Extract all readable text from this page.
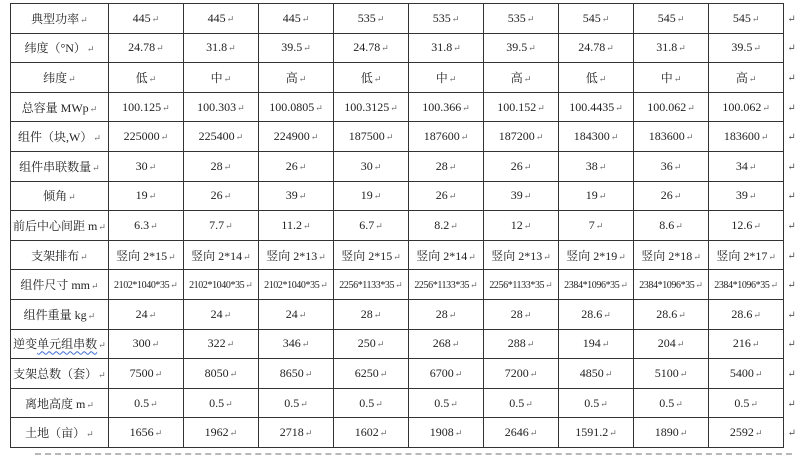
典型功率↵	445↵	445↵	445↵	535↵	535↵	535↵	545↵	545↵	545↵	↵
纬度（°N）↵	24.78↵	31.8↵	39.5↵	24.78↵	31.8↵	39.5↵	24.78↵	31.8↵	39.5↵	↵
纬度↵	低↵	中↵	高↵	低↵	中↵	高↵	低↵	中↵	高↵	↵
总容量 MWp↵	100.125↵	100.303↵	100.0805↵	100.3125↵	100.366↵	100.152↵	100.4435↵	100.062↵	100.062↵	↵
组件（块,W）↵	225000↵	225400↵	224900↵	187500↵	187600↵	187200↵	184300↵	183600↵	183600↵	↵
组件串联数量↵	30↵	28↵	26↵	30↵	28↵	26↵	38↵	36↵	34↵	↵
倾角↵	19↵	26↵	39↵	19↵	26↵	39↵	19↵	26↵	39↵	↵
前后中心间距 m↵	6.3↵	7.7↵	11.2↵	6.7↵	8.2↵	12↵	7↵	8.6↵	12.6↵	↵
支架排布↵	竖向 2*15↵	竖向 2*14↵	竖向 2*13↵	竖向 2*15↵	竖向 2*14↵	竖向 2*13↵	竖向 2*19↵	竖向 2*18↵	竖向 2*17↵	↵
组件尺寸 mm↵	2102*1040*35↵	2102*1040*35↵	2102*1040*35↵	2256*1133*35↵	2256*1133*35↵	2256*1133*35↵	2384*1096*35↵	2384*1096*35↵	2384*1096*35↵	↵
组件重量 kg↵	24↵	24↵	24↵	28↵	28↵	28↵	28.6↵	28.6↵	28.6↵	↵
逆变单元组串数↵	300↵	322↵	346↵	250↵	268↵	288↵	194↵	204↵	216↵	↵
支架总数（套）↵	7500↵	8050↵	8650↵	6250↵	6700↵	7200↵	4850↵	5100↵	5400↵	↵
离地高度 m↵	0.5↵	0.5↵	0.5↵	0.5↵	0.5↵	0.5↵	0.5↵	0.5↵	0.5↵	↵
土地（亩）↵	1656↵	1962↵	2718↵	1602↵	1908↵	2646↵	1591.2↵	1890↵	2592↵	↵
